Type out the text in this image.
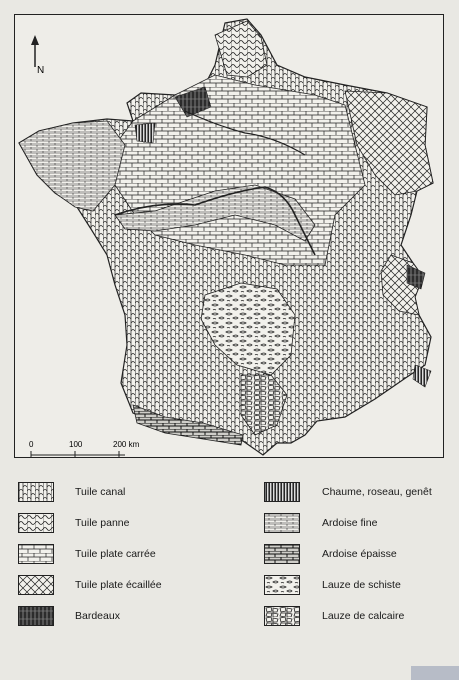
N
0	100	200 km
Tuile canal
Tuile panne
Tuile plate carrée
Tuile plate écaillée
Bardeaux
Chaume, roseau, genêt
Ardoise fine
Ardoise épaisse
Lauze de schiste
Lauze de calcaire
